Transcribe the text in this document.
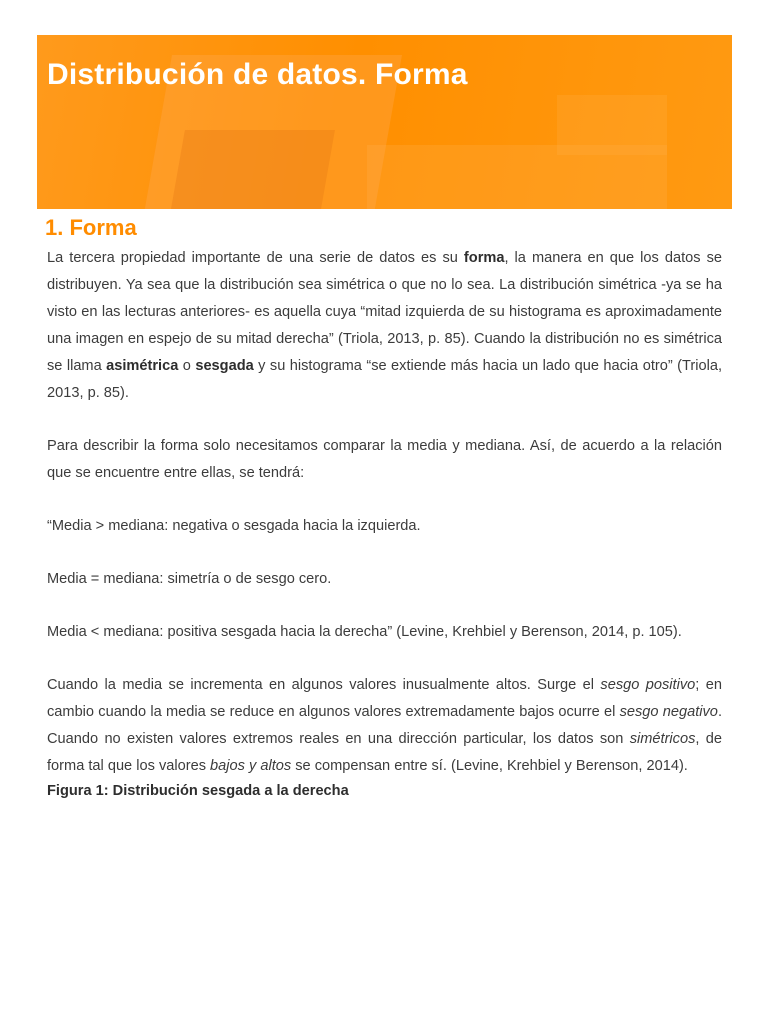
Distribución de datos. Forma
1. Forma

La tercera propiedad importante de una serie de datos es su forma, la manera en que los datos se distribuyen. Ya sea que la distribución sea simétrica o que no lo sea. La distribución simétrica -ya se ha visto en las lecturas anteriores- es aquella cuya “mitad izquierda de su histograma es aproximadamente una imagen en espejo de su mitad derecha” (Triola, 2013, p. 85). Cuando la distribución no es simétrica se llama asimétrica o sesgada y su histograma “se extiende más hacia un lado que hacia otro” (Triola, 2013, p. 85).

Para describir la forma solo necesitamos comparar la media y mediana. Así, de acuerdo a la relación que se encuentre entre ellas, se tendrá:

“Media > mediana: negativa o sesgada hacia la izquierda.

Media = mediana: simetría o de sesgo cero.

Media < mediana: positiva sesgada hacia la derecha” (Levine, Krehbiel y Berenson, 2014, p. 105).

Cuando la media se incrementa en algunos valores inusualmente altos. Surge el sesgo positivo; en cambio cuando la media se reduce en algunos valores extremadamente bajos ocurre el sesgo negativo. Cuando no existen valores extremos reales en una dirección particular, los datos son simétricos, de forma tal que los valores bajos y altos se compensan entre sí. (Levine, Krehbiel y Berenson, 2014).

Figura 1: Distribución sesgada a la derecha
